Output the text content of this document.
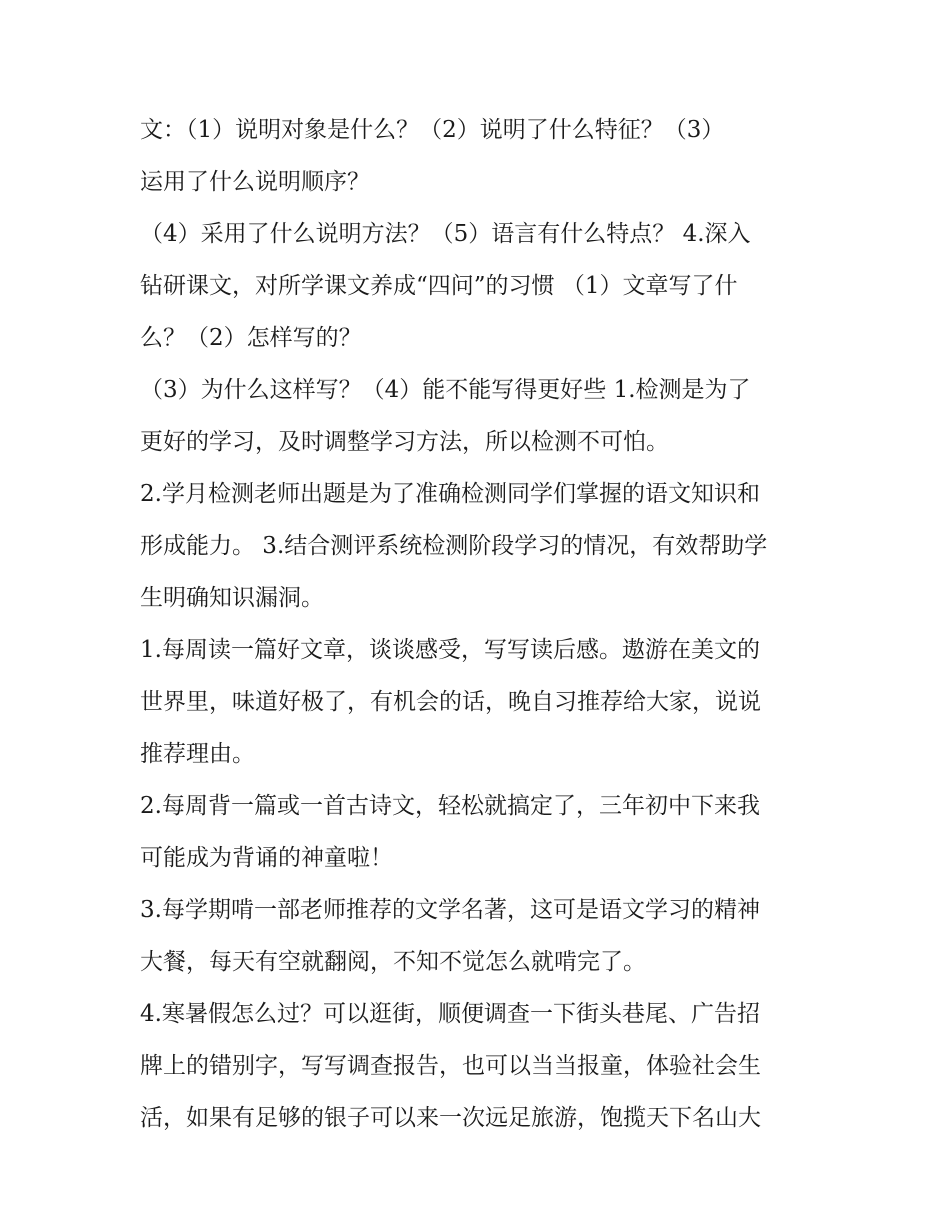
文：（1）说明对象是什么？（2）说明了什么特征？（3）
运用了什么说明顺序？
（4）采用了什么说明方法？（5）语言有什么特点？ 4.深入
钻研课文，对所学课文养成“四问”的习惯 （1）文章写了什
么？（2）怎样写的？
（3）为什么这样写？（4）能不能写得更好些 1.检测是为了
更好的学习，及时调整学习方法，所以检测不可怕。
2.学月检测老师出题是为了准确检测同学们掌握的语文知识和
形成能力。 3.结合测评系统检测阶段学习的情况，有效帮助学
生明确知识漏洞。
1.每周读一篇好文章，谈谈感受，写写读后感。遨游在美文的
世界里，味道好极了，有机会的话，晚自习推荐给大家，说说
推荐理由。
2.每周背一篇或一首古诗文，轻松就搞定了，三年初中下来我
可能成为背诵的神童啦！
3.每学期啃一部老师推荐的文学名著，这可是语文学习的精神
大餐，每天有空就翻阅，不知不觉怎么就啃完了。
4.寒暑假怎么过？可以逛街，顺便调查一下街头巷尾、广告招
牌上的错别字，写写调查报告，也可以当当报童，体验社会生
活，如果有足够的银子可以来一次远足旅游，饱揽天下名山大
